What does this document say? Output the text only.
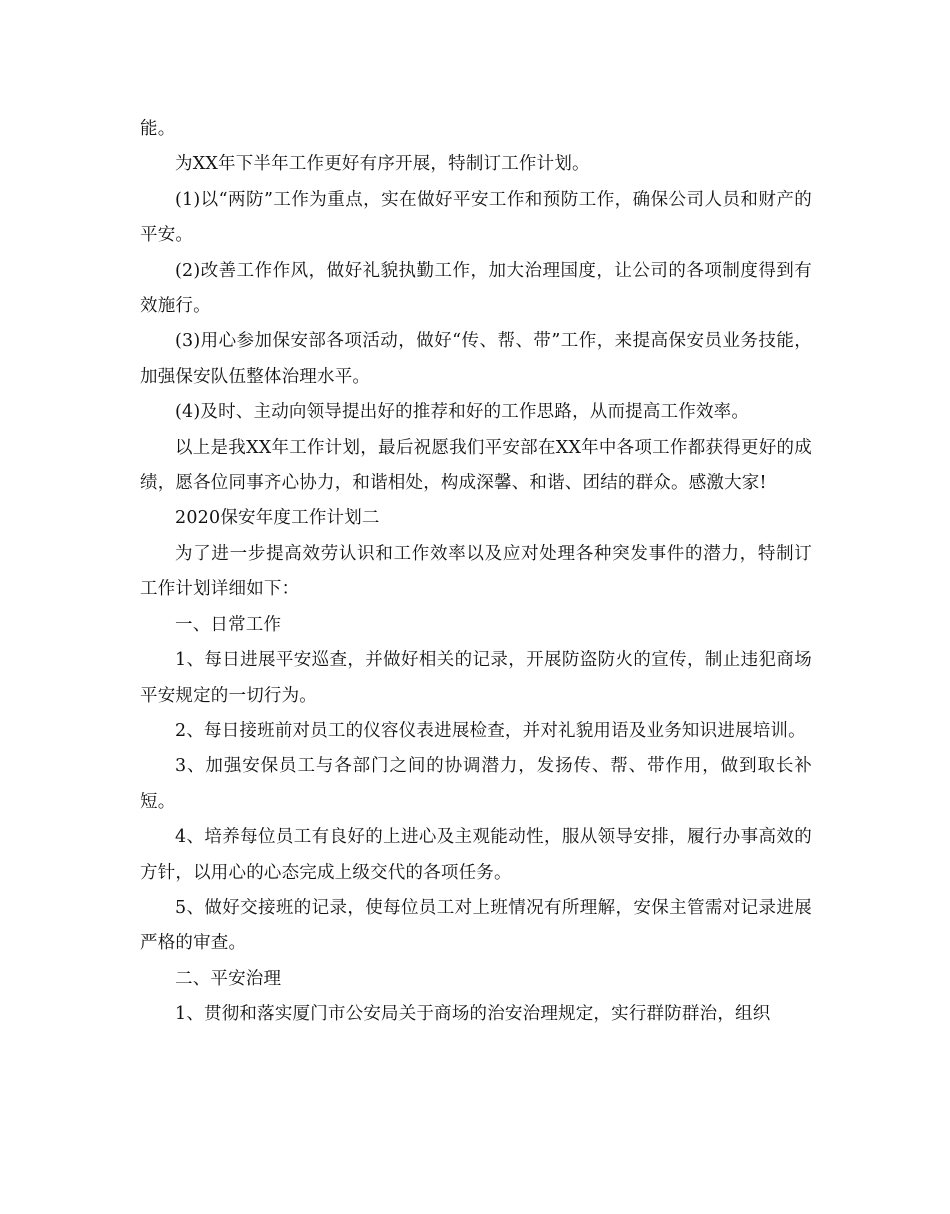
能。

为XX年下半年工作更好有序开展，特制订工作计划。

(1)以“两防”工作为重点，实在做好平安工作和预防工作，确保公司人员和财产的平安。

(2)改善工作作风，做好礼貌执勤工作，加大治理国度，让公司的各项制度得到有效施行。

(3)用心参加保安部各项活动，做好“传、帮、带”工作，来提高保安员业务技能，加强保安队伍整体治理水平。

(4)及时、主动向领导提出好的推荐和好的工作思路，从而提高工作效率。

以上是我XX年工作计划，最后祝愿我们平安部在XX年中各项工作都获得更好的成绩，愿各位同事齐心协力，和谐相处，构成深馨、和谐、团结的群众。感激大家!

2020保安年度工作计划二

为了进一步提高效劳认识和工作效率以及应对处理各种突发事件的潜力，特制订工作计划详细如下：

一、日常工作

1、每日进展平安巡查，并做好相关的记录，开展防盗防火的宣传，制止违犯商场平安规定的一切行为。

2、每日接班前对员工的仪容仪表进展检查，并对礼貌用语及业务知识进展培训。

3、加强安保员工与各部门之间的协调潜力，发扬传、帮、带作用，做到取长补短。

4、培养每位员工有良好的上进心及主观能动性，服从领导安排，履行办事高效的方针，以用心的心态完成上级交代的各项任务。

5、做好交接班的记录，使每位员工对上班情况有所理解，安保主管需对记录进展严格的审查。

二、平安治理

1、贯彻和落实厦门市公安局关于商场的治安治理规定，实行群防群治，组织
